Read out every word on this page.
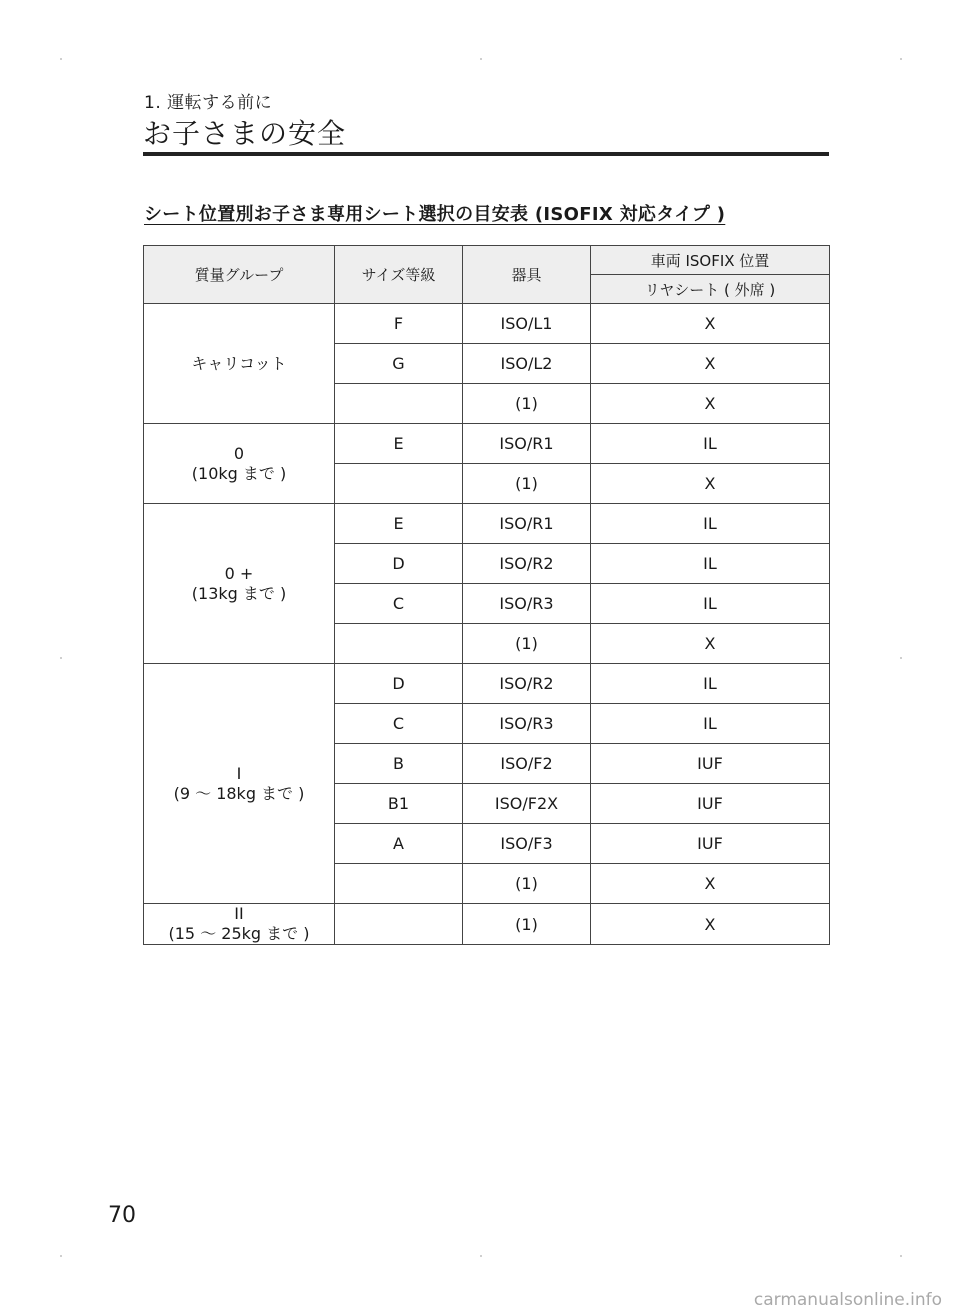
1. 運転する前に
お子さまの安全
シート位置別お子さま専用シート選択の目安表 (ISOFIX 対応タイプ )
質量グループ	サイズ等級	器具	車両 ISOFIX 位置
			リヤシート ( 外席 )

キャリコット	F	ISO/L1	X
	G	ISO/L2	X
		(1)	X

0
(10kg まで )	E	ISO/R1	IL
		(1)	X

0 +
(13kg まで )	E	ISO/R1	IL
	D	ISO/R2	IL
	C	ISO/R3	IL
		(1)	X

I
(9 〜 18kg まで )	D	ISO/R2	IL
	C	ISO/R3	IL
	B	ISO/F2	IUF
	B1	ISO/F2X	IUF
	A	ISO/F3	IUF
		(1)	X

II
(15 〜 25kg まで )		(1)	X
70
carmanualsonline.info
